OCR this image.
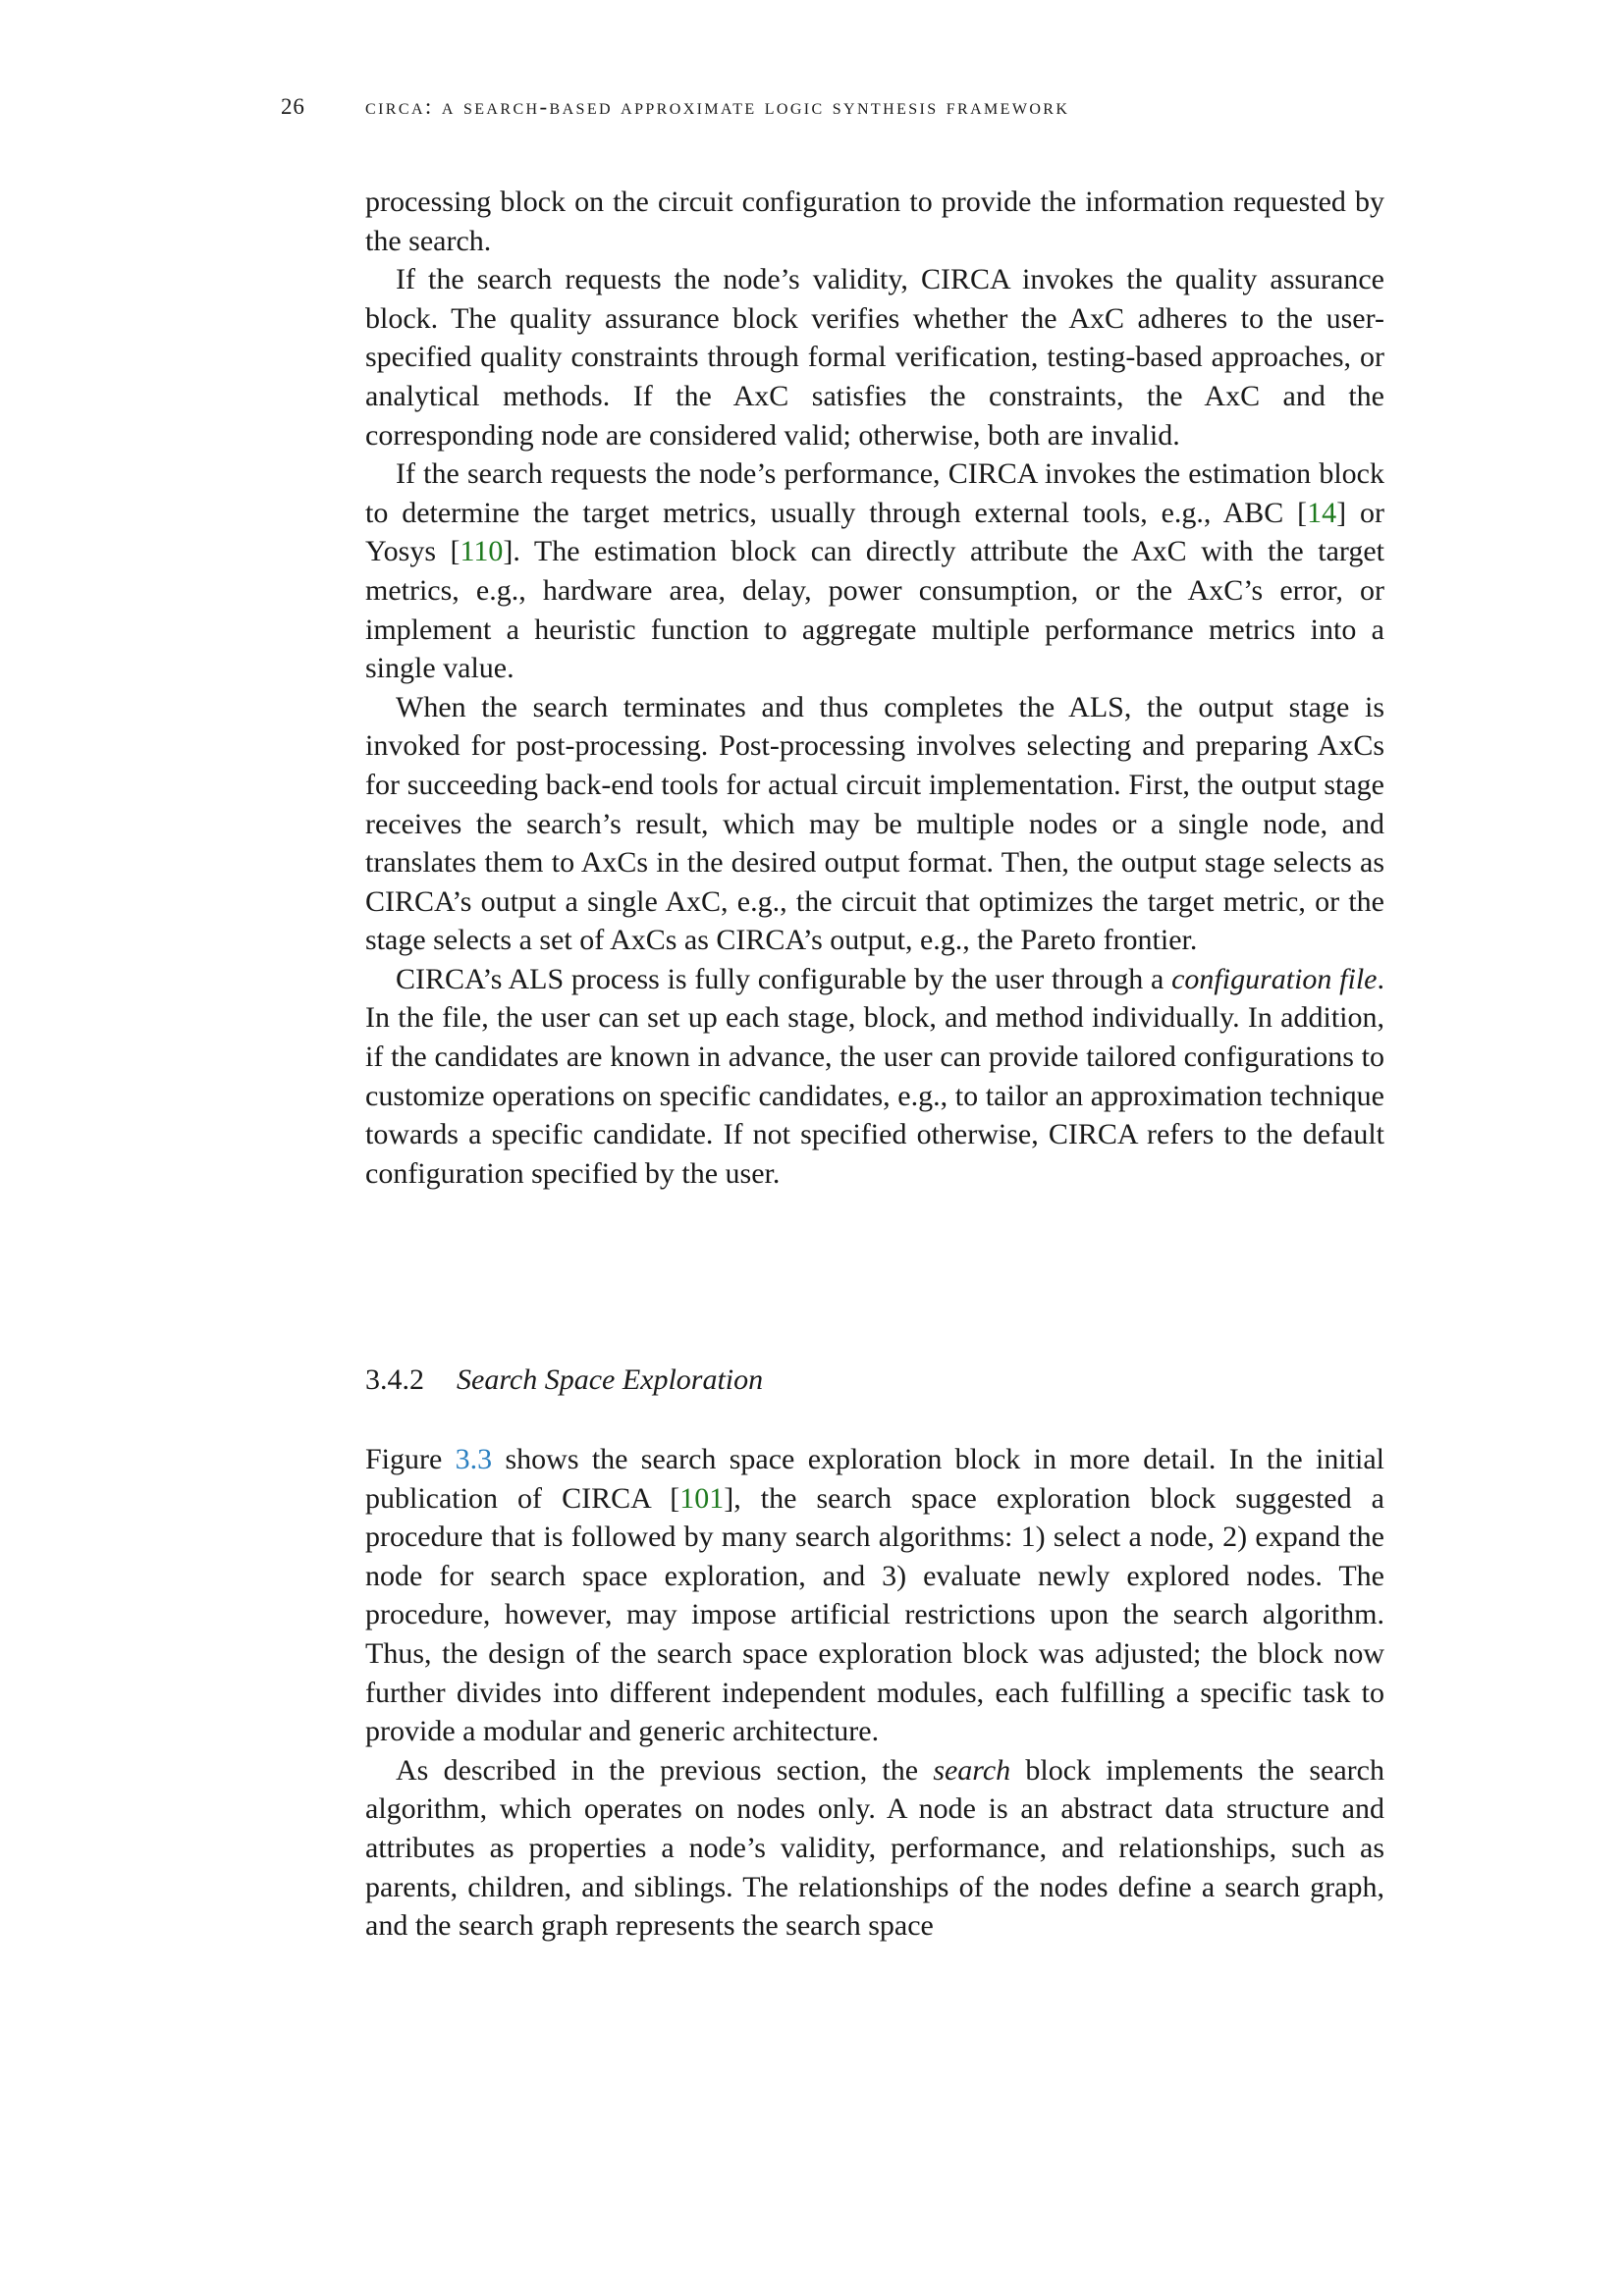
26	circa: a search-based approximate logic synthesis framework

processing block on the circuit configuration to provide the information requested by the search.

If the search requests the node’s validity, CIRCA invokes the quality assurance block. The quality assurance block verifies whether the AxC adheres to the user-specified quality constraints through formal verification, testing-based approaches, or analytical methods. If the AxC satisfies the constraints, the AxC and the corresponding node are considered valid; otherwise, both are invalid.

If the search requests the node’s performance, CIRCA invokes the estimation block to determine the target metrics, usually through external tools, e.g., ABC [14] or Yosys [110]. The estimation block can directly attribute the AxC with the target metrics, e.g., hardware area, delay, power consumption, or the AxC’s error, or implement a heuristic function to aggregate multiple performance metrics into a single value.

When the search terminates and thus completes the ALS, the output stage is invoked for post-processing. Post-processing involves selecting and preparing AxCs for succeeding back-end tools for actual circuit implementation. First, the output stage receives the search’s result, which may be multiple nodes or a single node, and translates them to AxCs in the desired output format. Then, the output stage selects as CIRCA’s output a single AxC, e.g., the circuit that optimizes the target metric, or the stage selects a set of AxCs as CIRCA’s output, e.g., the Pareto frontier.

CIRCA’s ALS process is fully configurable by the user through a configuration file. In the file, the user can set up each stage, block, and method individually. In addition, if the candidates are known in advance, the user can provide tailored configurations to customize operations on specific candidates, e.g., to tailor an approximation technique towards a specific candidate. If not specified otherwise, CIRCA refers to the default configuration specified by the user.

3.4.2 Search Space Exploration

Figure 3.3 shows the search space exploration block in more detail. In the initial publication of CIRCA [101], the search space exploration block suggested a procedure that is followed by many search algorithms: 1) select a node, 2) expand the node for search space exploration, and 3) evaluate newly explored nodes. The procedure, however, may impose artificial restrictions upon the search algorithm. Thus, the design of the search space exploration block was adjusted; the block now further divides into different independent modules, each fulfilling a specific task to provide a modular and generic architecture.

As described in the previous section, the search block implements the search algorithm, which operates on nodes only. A node is an abstract data structure and attributes as properties a node’s validity, performance, and relationships, such as parents, children, and siblings. The relationships of the nodes define a search graph, and the search graph represents the search space
